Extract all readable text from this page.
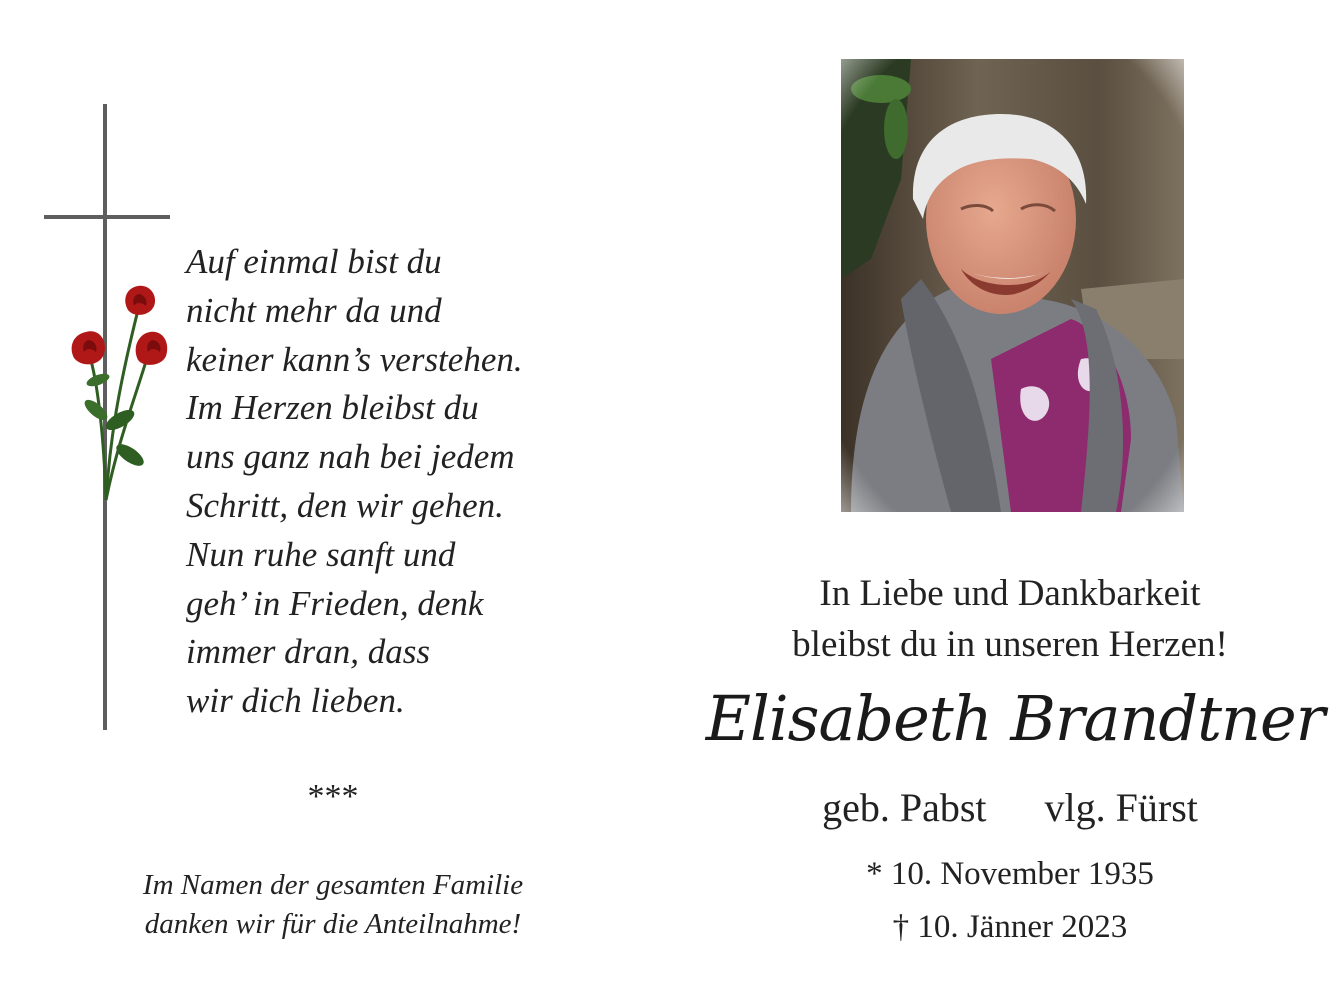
Auf einmal bist du
nicht mehr da und
keiner kann’s verstehen.
Im Herzen bleibst du
uns ganz nah bei jedem
Schritt, den wir gehen.
Nun ruhe sanft und
geh’ in Frieden, denk
immer dran, dass
wir dich lieben.
***
Im Namen der gesamten Familie
danken wir für die Anteilnahme!
In Liebe und Dankbarkeit
bleibst du in unseren Herzen!
Elisabeth Brandtner
geb. Pabst vlg. Fürst
* 10. November 1935
† 10. Jänner 2023
